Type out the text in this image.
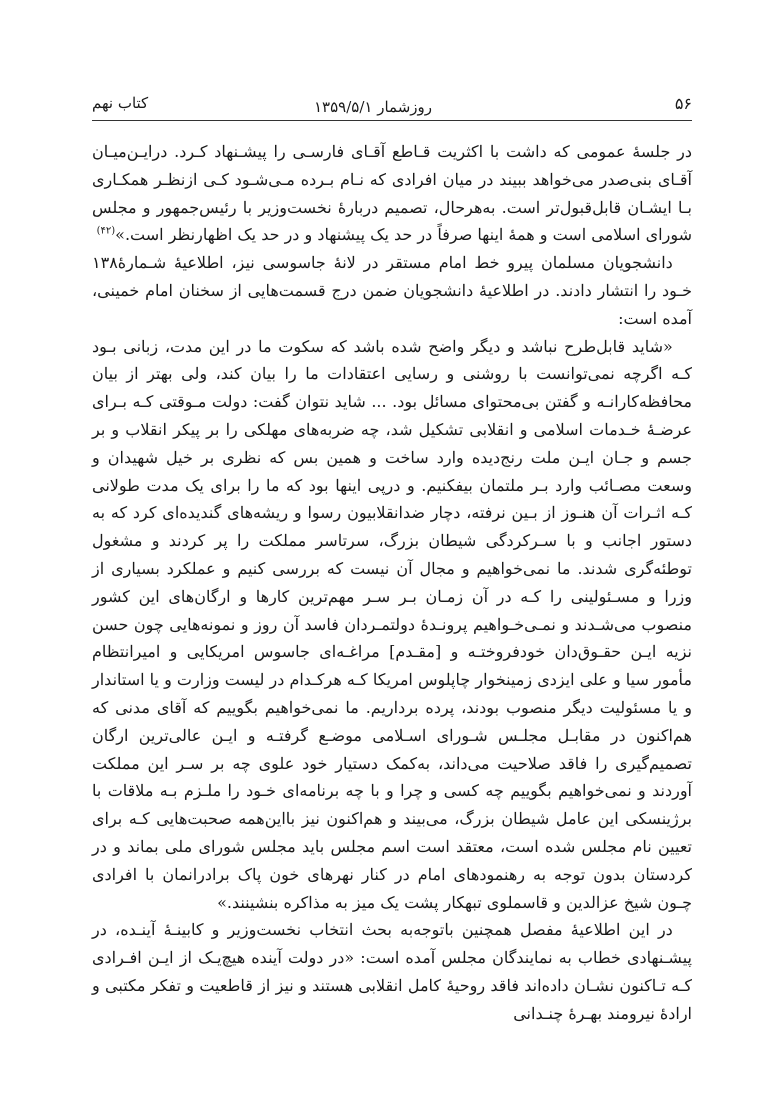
۵۶
روزشمار ۱۳۵۹/۵/۱
کتاب نهم

در جلسهٔ عمومی که داشت با اکثریت قـاطع آقـای فارسـی را پیشـنهاد کـرد. درایـن‌میـان آقـای بنی‌صدر می‌خواهد ببیند در میان افرادی که نـام بـرده مـی‌شـود کـی ازنظـر همکـاری بـا ایشـان قابل‌قبول‌تر است. به‌هرحال، تصمیم دربارهٔ نخست‌وزیر با رئیس‌جمهور و مجلس شورای اسلامی است و همهٔ اینها صرفاً در حد یک پیشنهاد و در حد یک اظهارنظر است.»$^{(۴۲)}$

دانشجویان مسلمان پیرو خط امام مستقر در لانهٔ جاسوسی نیز، اطلاعیهٔ شـمارهٔ۱۳۸ خـود را انتشار دادند. در اطلاعیهٔ دانشجویان ضمن درج قسمت‌هایی از سخنان امام خمینی، آمده است:

«شاید قابل‌طرح نباشد و دیگر واضح شده باشد که سکوت ما در این مدت، زبانی بـود کـه اگرچه نمی‌توانست با روشنی و رسایی اعتقادات ما را بیان کند، ولی بهتر از بیان محافظه‌کارانـه و گفتن بی‌محتوای مسائل بود. ... شاید نتوان گفت: دولت مـوقتی کـه بـرای عرضـهٔ خـدمات اسلامی و انقلابی تشکیل شد، چه ضربه‌های مهلکی را بر پیکر انقلاب و بر جسم و جـان ایـن ملت رنج‌دیده وارد ساخت و همین بس که نظری بر خیل شهیدان و وسعت مصـائب وارد بـر ملتمان بیفکنیم. و درپی اینها بود که ما را برای یک مدت طولانی کـه اثـرات آن هنـوز از بـین نرفته، دچار ضدانقلابیون رسوا و ریشه‌های گندیده‌ای کرد که به دستور اجانب و با سـرکردگی شیطان بزرگ، سرتاسر مملکت را پر کردند و مشغول توطئه‌گری شدند. ما نمی‌خواهیم و مجال آن نیست که بررسی کنیم و عملکرد بسیاری از وزرا و مسـئولینی را کـه در آن زمـان بـر سـر مهم‌ترین کارها و ارگان‌های این کشور منصوب می‌شـدند و نمـی‌خـواهیم پرونـدهٔ دولتمـردان فاسد آن روز و نمونه‌هایی چون حسن نزیه ایـن حقـوق‌دان خودفروختـه و [مقـدم] مراغـه‌ای جاسوس امریکایی و امیرانتظام مأمور سیا و علی ایزدی زمینخوار چاپلوس امریکا کـه هرکـدام در لیست وزارت و یا استاندار و یا مسئولیت دیگر منصوب بودند، پرده برداریم. ما نمی‌خواهیم بگوییم که آقای مدنی که هم‌اکنون در مقابـل مجلـس شـورای اسـلامی موضـع گرفتـه و ایـن عالی‌ترین ارگان تصمیم‌گیری را فاقد صلاحیت می‌داند، به‌کمک دستیار خود علوی چه بر سـر این مملکت آوردند و نمی‌خواهیم بگوییم چه کسی و چرا و با چه برنامه‌ای خـود را ملـزم بـه ملاقات با برژینسکی این عامل شیطان بزرگ، می‌بیند و هم‌اکنون نیز بااین‌همه صحبت‌هایی کـه برای تعیین نام مجلس شده است، معتقد است اسم مجلس باید مجلس شورای ملی بماند و در کردستان بدون توجه به رهنمودهای امام در کنار نهرهای خون پاک برادرانمان با افرادی چـون شیخ عزالدین و قاسملوی تبهکار پشت یک میز به مذاکره بنشینند.»

در این اطلاعیهٔ مفصل همچنین باتوجه‌به بحث انتخاب نخست‌وزیر و کابینـهٔ آینـده، در پیشـنهادی خطاب به نمایندگان مجلس آمده است: «در دولت آینده هیچ‌یـک از ایـن افـرادی کـه تـاکنون نشـان داده‌اند فاقد روحیهٔ کامل انقلابی هستند و نیز از قاطعیت و تفکر مکتبی و ارادهٔ نیرومند بهـرهٔ چنـدانی
